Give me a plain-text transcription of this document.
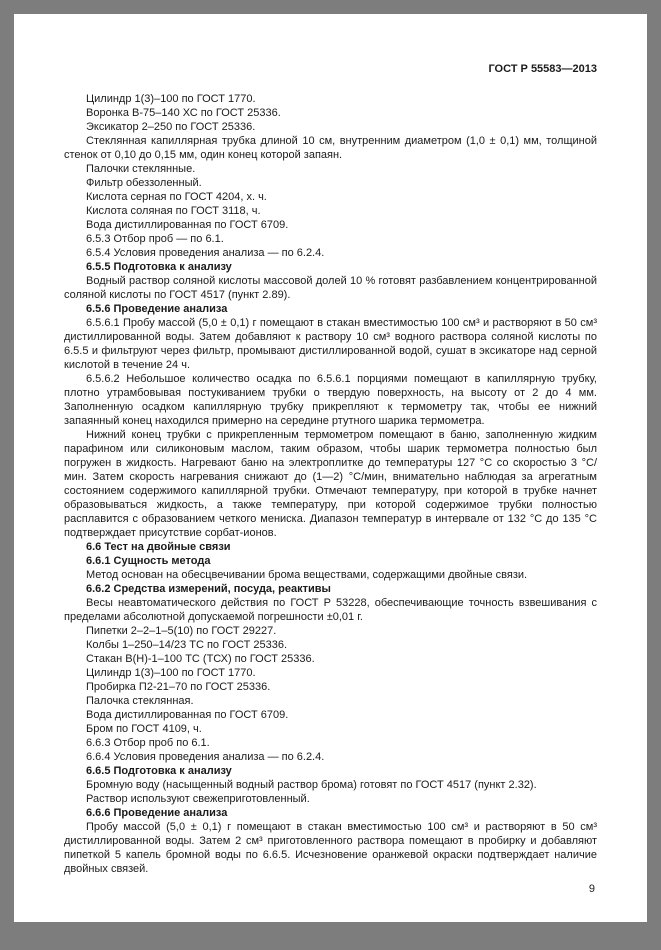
ГОСТ Р 55583—2013

Цилиндр 1(3)–100 по ГОСТ 1770.

Воронка В-75–140 ХС по ГОСТ 25336.

Эксикатор 2–250 по ГОСТ 25336.

Стеклянная капиллярная трубка длиной 10 см, внутренним диаметром (1,0 ± 0,1) мм, толщиной стенок от 0,10 до 0,15 мм, один конец которой запаян.

Палочки стеклянные.

Фильтр обеззоленный.

Кислота серная по ГОСТ 4204, х. ч.

Кислота соляная по ГОСТ 3118, ч.

Вода дистиллированная по ГОСТ 6709.

6.5.3 Отбор проб — по 6.1.

6.5.4 Условия проведения анализа — по 6.2.4.

6.5.5 Подготовка к анализу

Водный раствор соляной кислоты массовой долей 10 % готовят разбавлением концентрированной соляной кислоты по ГОСТ 4517 (пункт 2.89).

6.5.6 Проведение анализа

6.5.6.1 Пробу массой (5,0 ± 0,1) г помещают в стакан вместимостью 100 см³ и растворяют в 50 см³ дистиллированной воды. Затем добавляют к раствору 10 см³ водного раствора соляной кислоты по 6.5.5 и фильтруют через фильтр, промывают дистиллированной водой, сушат в эксикаторе над серной кислотой в течение 24 ч.

6.5.6.2 Небольшое количество осадка по 6.5.6.1 порциями помещают в капиллярную трубку, плотно утрамбовывая постукиванием трубки о твердую поверхность, на высоту от 2 до 4 мм. Заполненную осадком капиллярную трубку прикрепляют к термометру так, чтобы ее нижний запаянный конец находился примерно на середине ртутного шарика термометра.

Нижний конец трубки с прикрепленным термометром помещают в баню, заполненную жидким парафином или силиконовым маслом, таким образом, чтобы шарик термометра полностью был погружен в жидкость. Нагревают баню на электроплитке до температуры 127 °С со скоростью 3 °С/мин. Затем скорость нагревания снижают до (1—2) °С/мин, внимательно наблюдая за агрегатным состоянием содержимого капиллярной трубки. Отмечают температуру, при которой в трубке начнет образовываться жидкость, а также температуру, при которой содержимое трубки полностью расплавится с образованием четкого мениска. Диапазон температур в интервале от 132 °С до 135 °С подтверждает присутствие сорбат-ионов.

6.6 Тест на двойные связи

6.6.1 Сущность метода

Метод основан на обесцвечивании брома веществами, содержащими двойные связи.

6.6.2 Средства измерений, посуда, реактивы

Весы неавтоматического действия по ГОСТ Р 53228, обеспечивающие точность взвешивания с пределами абсолютной допускаемой погрешности ±0,01 г.

Пипетки 2–2–1–5(10) по ГОСТ 29227.

Колбы 1–250–14/23 ТС по ГОСТ 25336.

Стакан В(Н)-1–100 ТС (ТСХ) по ГОСТ 25336.

Цилиндр 1(3)–100 по ГОСТ 1770.

Пробирка П2-21–70 по ГОСТ 25336.

Палочка стеклянная.

Вода дистиллированная по ГОСТ 6709.

Бром по ГОСТ 4109, ч.

6.6.3 Отбор проб по 6.1.

6.6.4 Условия проведения анализа — по 6.2.4.

6.6.5 Подготовка к анализу

Бромную воду (насыщенный водный раствор брома) готовят по ГОСТ 4517 (пункт 2.32).

Раствор используют свежеприготовленный.

6.6.6 Проведение анализа

Пробу массой (5,0 ± 0,1) г помещают в стакан вместимостью 100 см³ и растворяют в 50 см³ дистиллированной воды. Затем 2 см³ приготовленного раствора помещают в пробирку и добавляют пипеткой 5 капель бромной воды по 6.6.5. Исчезновение оранжевой окраски подтверждает наличие двойных связей.

9
